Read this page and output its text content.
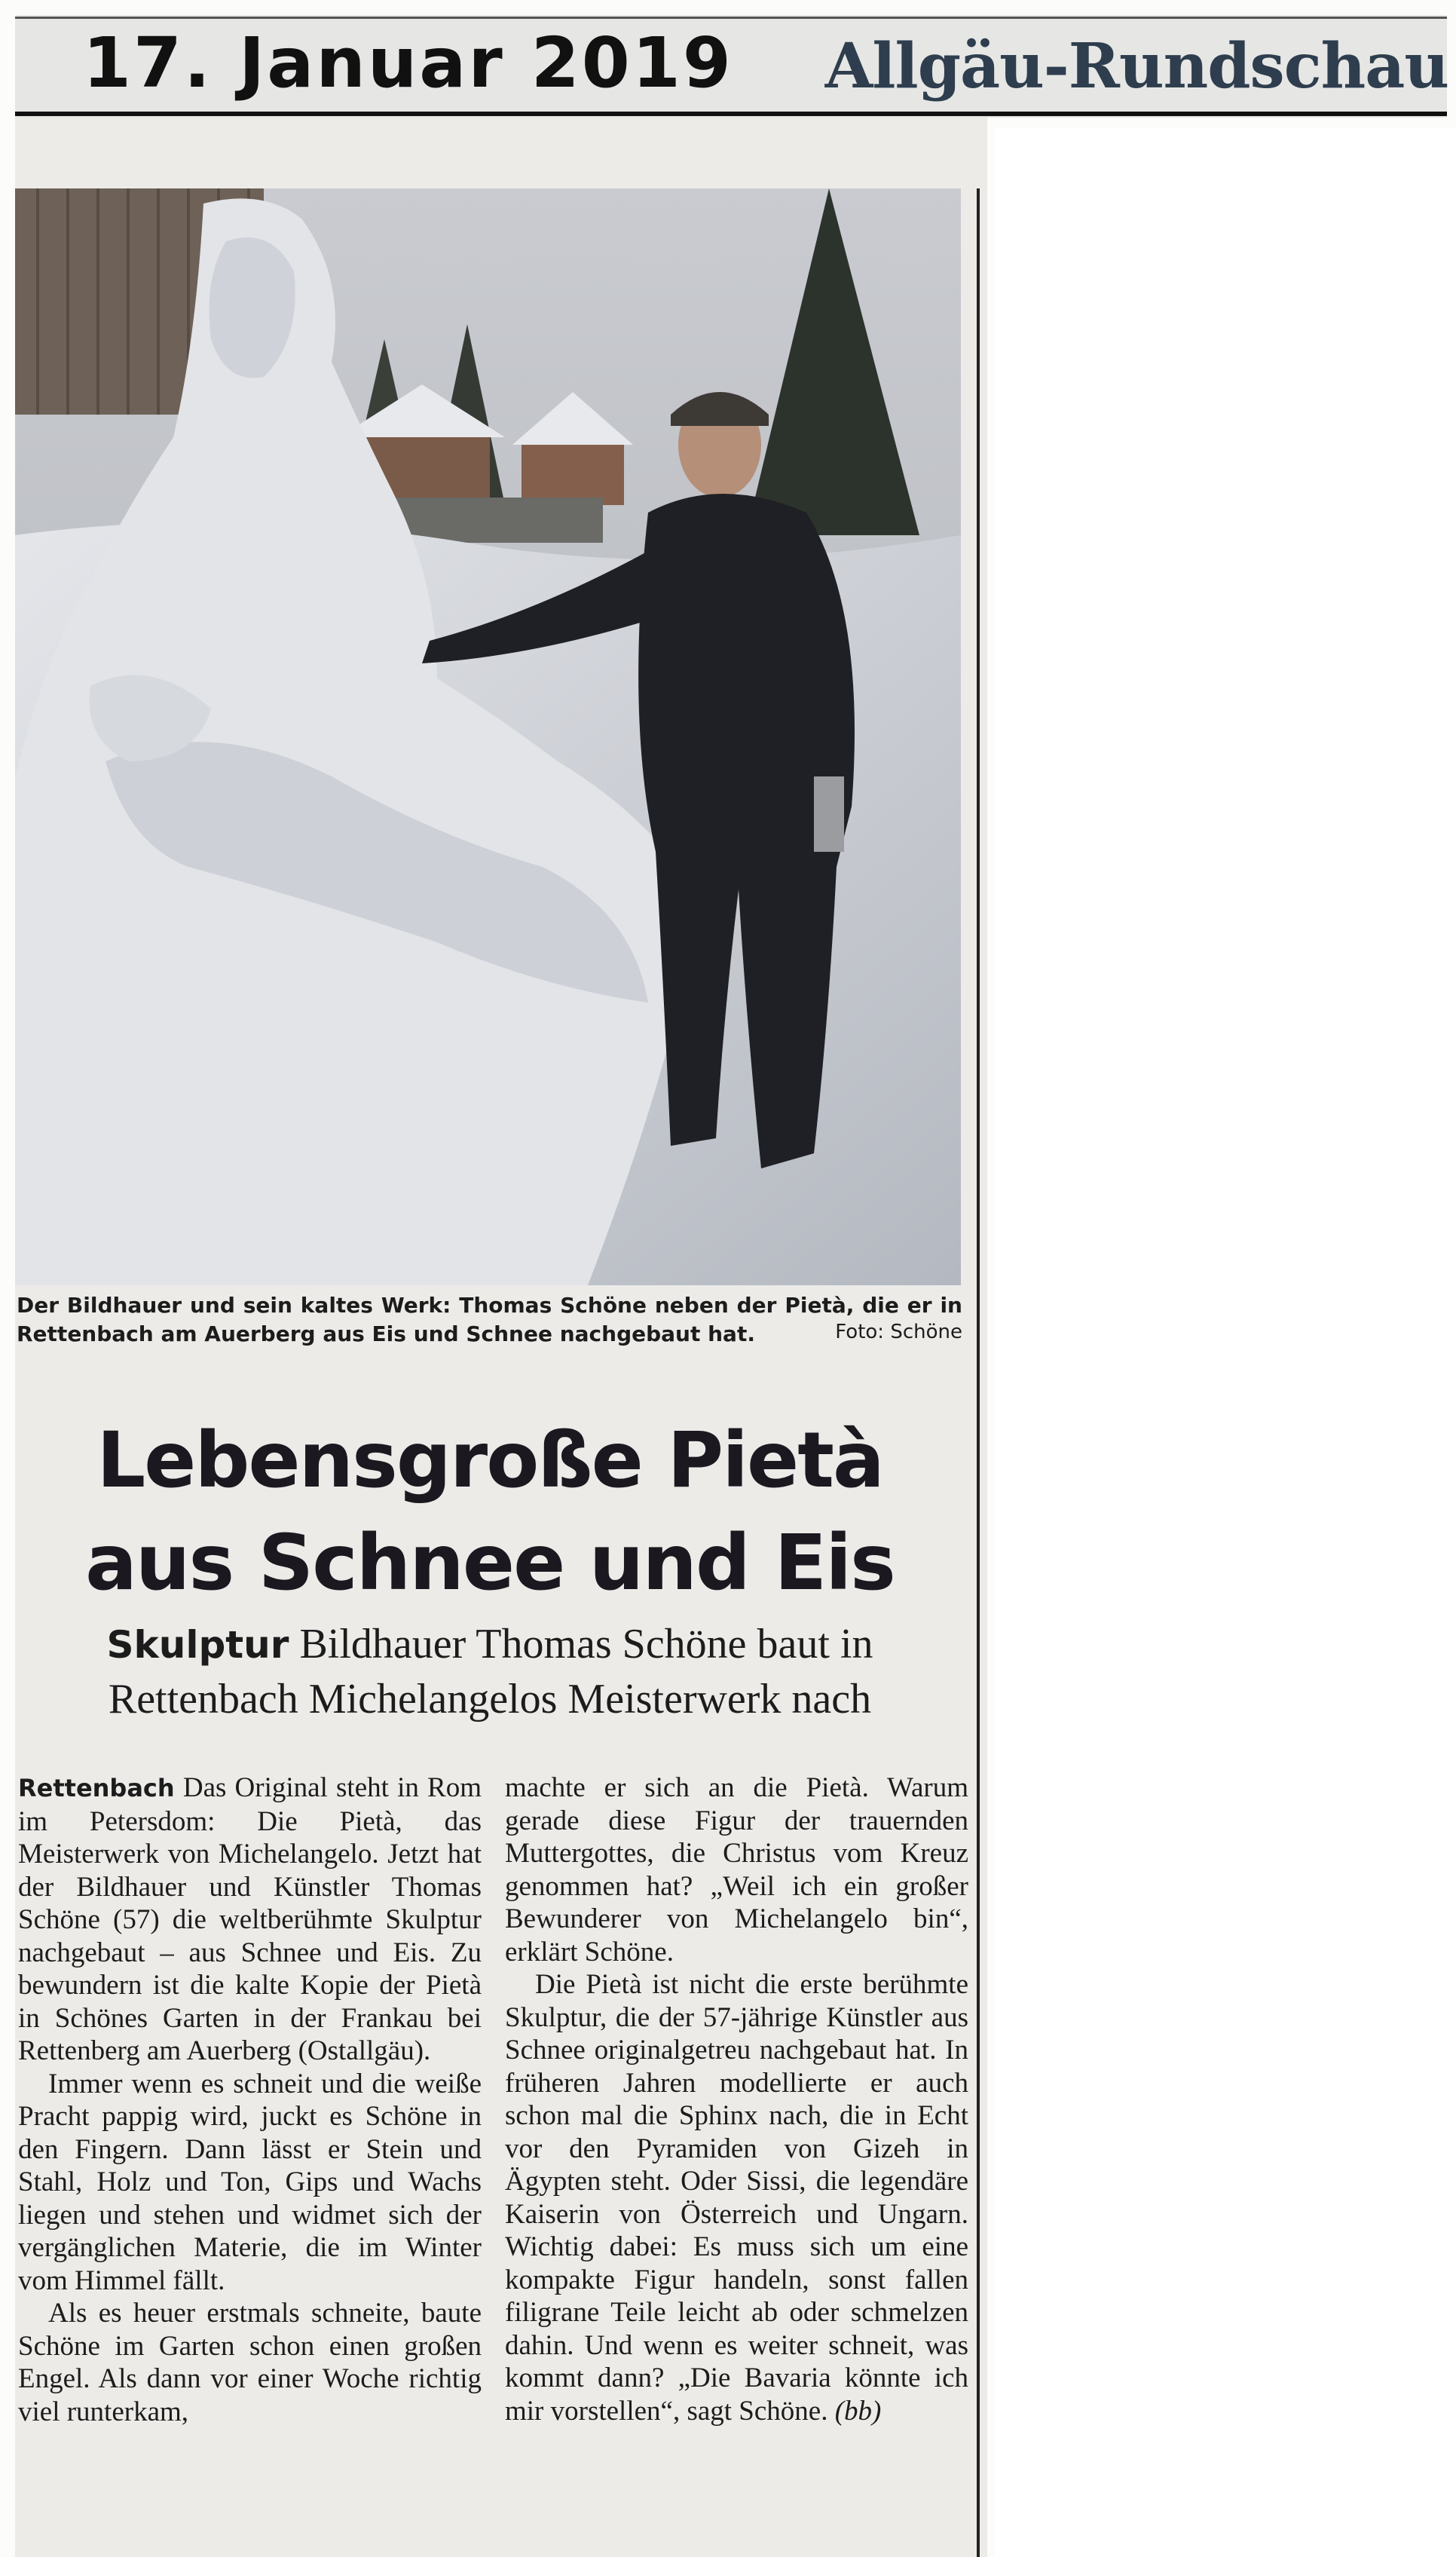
17. Januar 2019 Allgäu-Rundschau
Der Bildhauer und sein kaltes Werk: Thomas Schöne neben der Pietà, die er in Rettenbach am Auerberg aus Eis und Schnee nachgebaut hat.	Foto: Schöne
Lebensgroße Pietà
aus Schnee und Eis
Skulptur Bildhauer Thomas Schöne baut in Rettenbach Michelangelos Meisterwerk nach

Rettenbach Das Original steht in Rom im Petersdom: Die Pietà, das Meisterwerk von Michelangelo. Jetzt hat der Bildhauer und Künstler Thomas Schöne (57) die weltberühmte Skulptur nachgebaut – aus Schnee und Eis. Zu bewundern ist die kalte Kopie der Pietà in Schönes Garten in der Frankau bei Rettenberg am Auerberg (Ostallgäu).

Immer wenn es schneit und die weiße Pracht pappig wird, juckt es Schöne in den Fingern. Dann lässt er Stein und Stahl, Holz und Ton, Gips und Wachs liegen und stehen und widmet sich der vergänglichen Materie, die im Winter vom Himmel fällt.

Als es heuer erstmals schneite, baute Schöne im Garten schon einen großen Engel. Als dann vor einer Woche richtig viel runterkam,

machte er sich an die Pietà. Warum gerade diese Figur der trauernden Muttergottes, die Christus vom Kreuz genommen hat? „Weil ich ein großer Bewunderer von Michelangelo bin“, erklärt Schöne.

Die Pietà ist nicht die erste berühmte Skulptur, die der 57-jährige Künstler aus Schnee originalgetreu nachgebaut hat. In früheren Jahren modellierte er auch schon mal die Sphinx nach, die in Echt vor den Pyramiden von Gizeh in Ägypten steht. Oder Sissi, die legendäre Kaiserin von Österreich und Ungarn. Wichtig dabei: Es muss sich um eine kompakte Figur handeln, sonst fallen filigrane Teile leicht ab oder schmelzen dahin. Und wenn es weiter schneit, was kommt dann? „Die Bavaria könnte ich mir vorstellen“, sagt Schöne. (bb)
